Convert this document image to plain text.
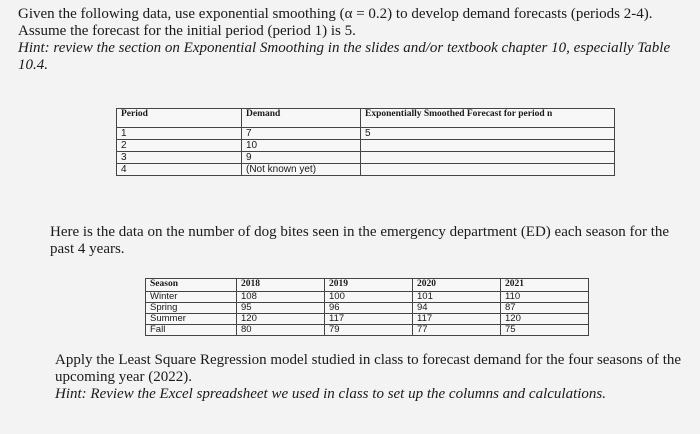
Given the following data, use exponential smoothing (α = 0.2) to develop demand forecasts (periods 2-4). Assume the forecast for the initial period (period 1) is 5.
Hint: review the section on Exponential Smoothing in the slides and/or textbook chapter 10, especially Table 10.4.
Period	Demand	Exponentially Smoothed Forecast for period n
1	7	5
2	10	
3	9	
4	(Not known yet)	
Here is the data on the number of dog bites seen in the emergency department (ED) each season for the past 4 years.
Season	2018	2019	2020	2021
Winter	108	100	101	110
Spring	95	96	94	87
Summer	120	117	117	120
Fall	80	79	77	75
Apply the Least Square Regression model studied in class to forecast demand for the four seasons of the upcoming year (2022).
Hint: Review the Excel spreadsheet we used in class to set up the columns and calculations.
